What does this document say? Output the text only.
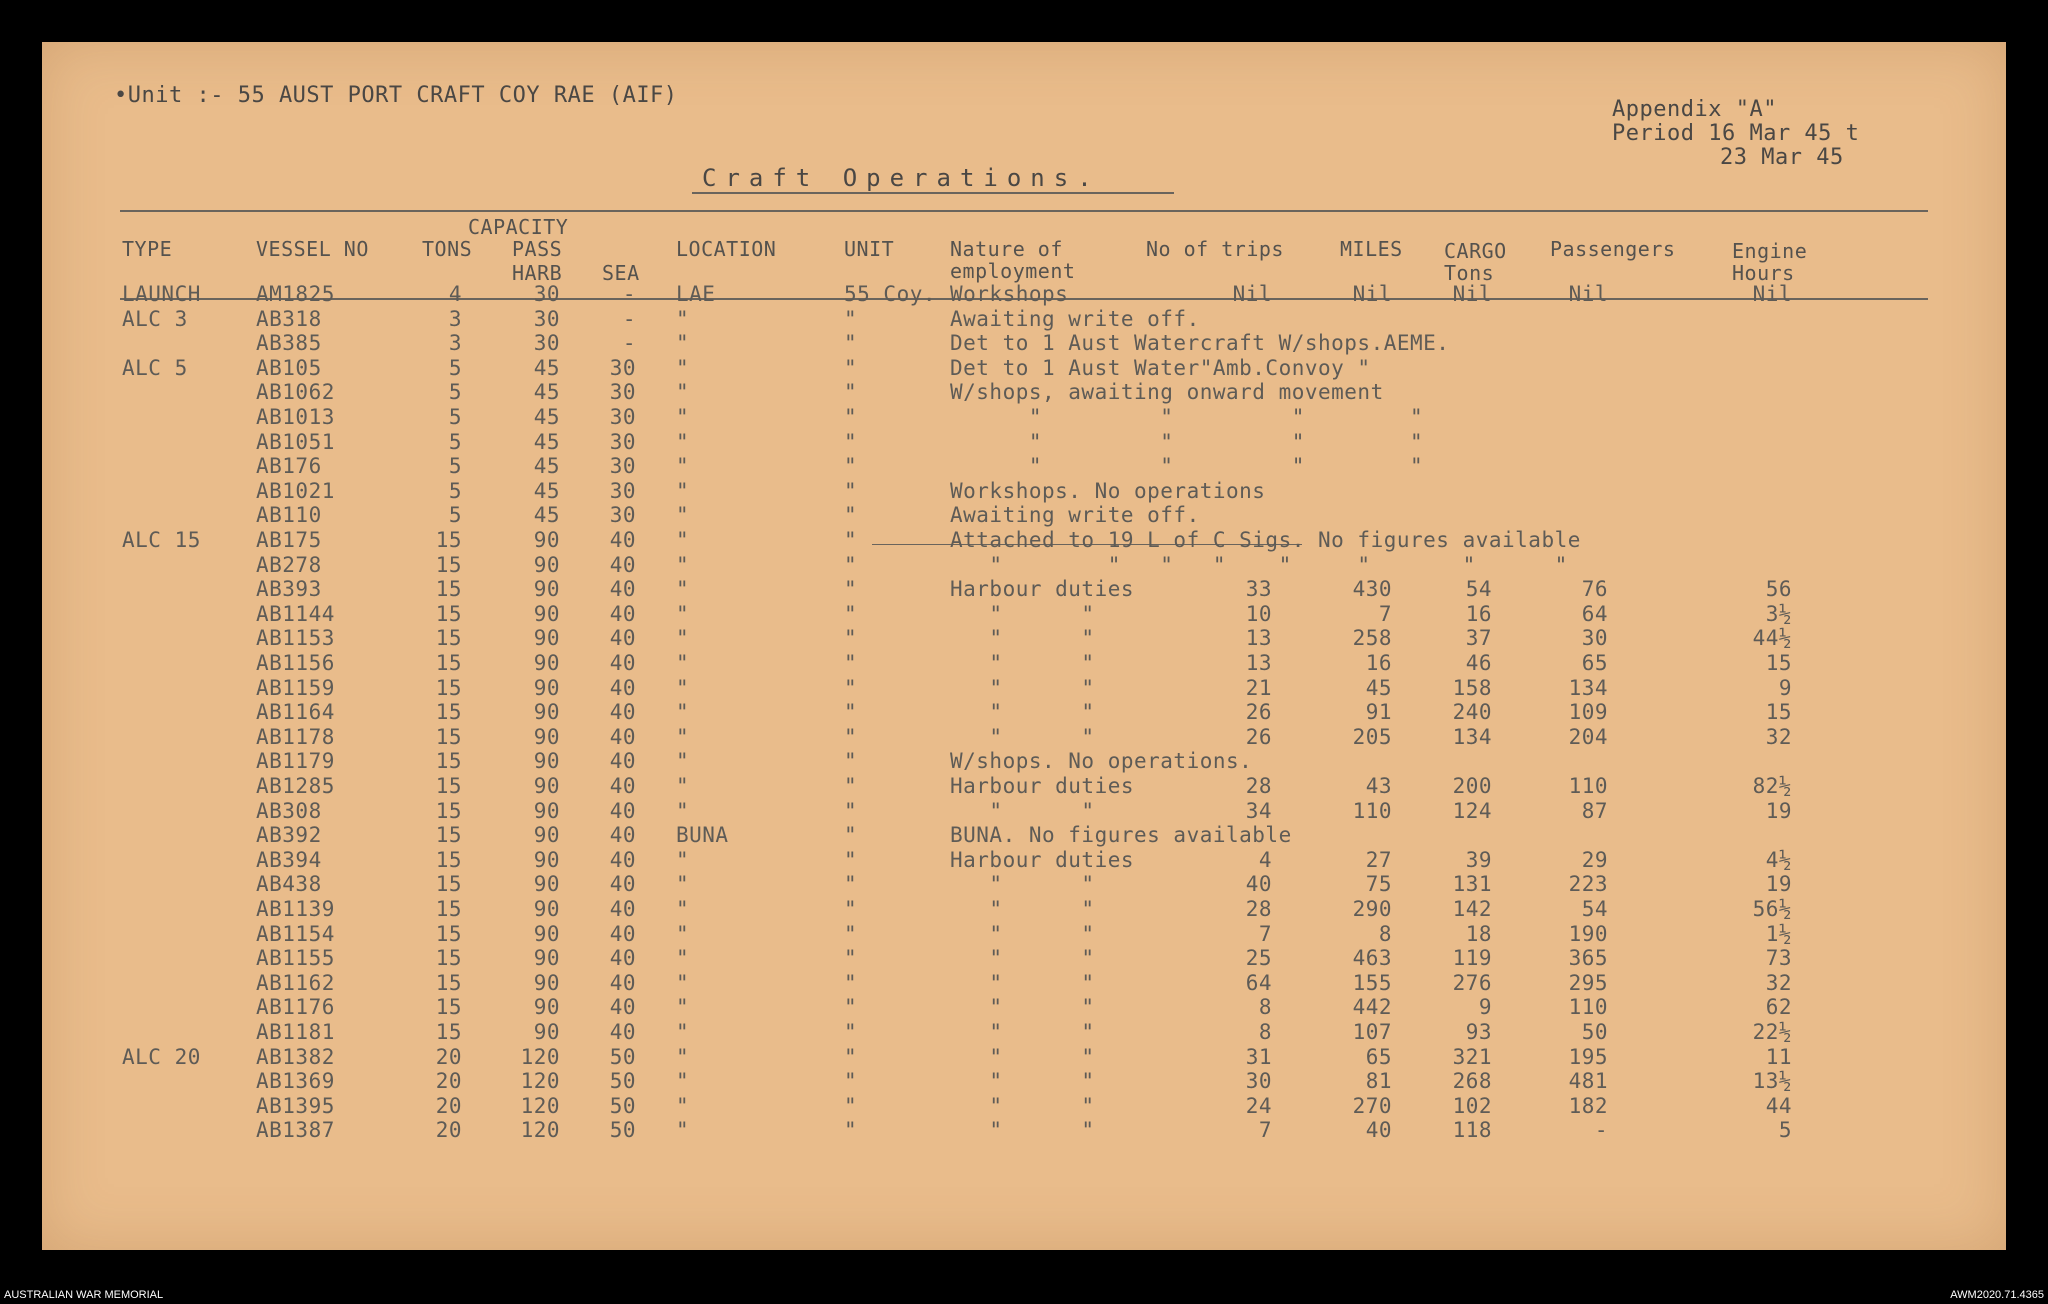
•Unit :- 55 AUST PORT CRAFT COY RAE (AIF)
Appendix "A"
Period 16 Mar 45 t
23 Mar 45
Craft Operations.
CAPACITY
TYPE	VESSEL NO	TONS PASS
HARB SEA
LOCATION	UNIT	Nature of
employment
No of trips	MILES CARGO
Tons
Passengers	Engine
Hours
LAUNCH	AM1825	4	30	- LAE	55 Coy. Workshops	Nil	Nil	Nil	Nil	Nil
ALC 3	AB318	3	30	- "	"	Awaiting write off.
AB385	3	30	- "	"	Det to 1 Aust Watercraft W/shops.AEME.
ALC 5	AB105	5	45	30 "	"	Det to 1 Aust Water"Amb.Convoy "
AB1062	5	45	30 "	"	W/shops, awaiting onward movement
AB1013	5	45	30 "	"	"         "         "        "
AB1051	5	45	30 "	"	"         "         "        "
AB176	5	45	30 "	"	"         "         "        "
AB1021	5	45	30 "	"	Workshops. No operations
AB110	5	45	30 "	"	Awaiting write off.
ALC 15	AB175	15	90	40 "	"	Attached to 19 L of C Sigs. No figures available
AB278	15	90	40 "	"	"        "   "   "    "     "       "      "
AB393	15	90	40 "	"	Harbour duties	33	430	54	76	56
AB1144	15	90	40 "	"	"      "	10	7	16	64	3½
AB1153	15	90	40 "	"	"      "	13	258	37	30	44½
AB1156	15	90	40 "	"	"      "	13	16	46	65	15
AB1159	15	90	40 "	"	"      "	21	45	158	134	9
AB1164	15	90	40 "	"	"      "	26	91	240	109	15
AB1178	15	90	40 "	"	"      "	26	205	134	204	32
AB1179	15	90	40 "	"	W/shops. No operations.
AB1285	15	90	40 "	"	Harbour duties	28	43	200	110	82½
AB308	15	90	40 "	"	"      "	34	110	124	87	19
AB392	15	90	40 BUNA	"	BUNA. No figures available
AB394	15	90	40 "	"	Harbour duties	4	27	39	29	4½
AB438	15	90	40 "	"	"      "	40	75	131	223	19
AB1139	15	90	40 "	"	"      "	28	290	142	54	56½
AB1154	15	90	40 "	"	"      "	7	8	18	190	1½
AB1155	15	90	40 "	"	"      "	25	463	119	365	73
AB1162	15	90	40 "	"	"      "	64	155	276	295	32
AB1176	15	90	40 "	"	"      "	8	442	9	110	62
AB1181	15	90	40 "	"	"      "	8	107	93	50	22½
ALC 20	AB1382	20	120	50 "	"	"      "	31	65	321	195	11
AB1369	20	120	50 "	"	"      "	30	81	268	481	13½
AB1395	20	120	50 "	"	"      "	24	270	102	182	44
AB1387	20	120	50 "	"	"      "	7	40	118	-	5
AUSTRALIAN WAR MEMORIAL	AWM2020.71.4365
